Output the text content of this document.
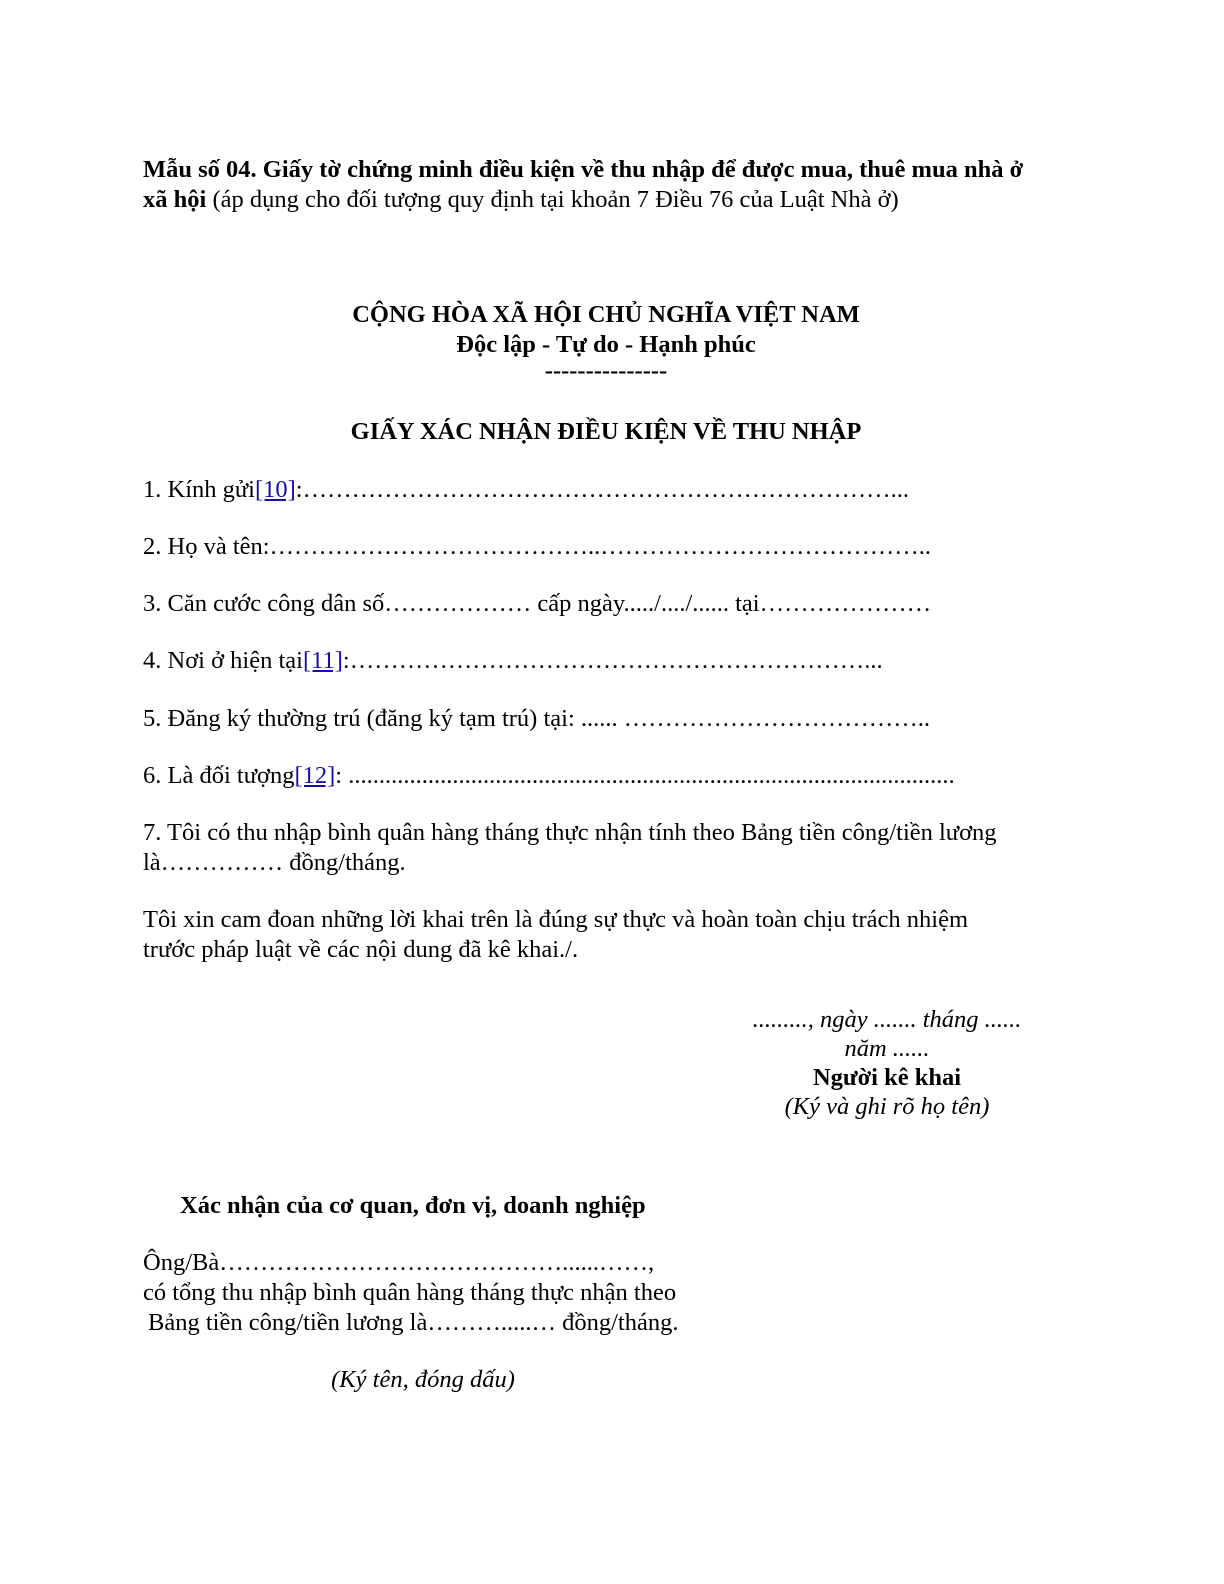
Mẫu số 04. Giấy tờ chứng minh điều kiện về thu nhập để được mua, thuê mua nhà ở
xã hội (áp dụng cho đối tượng quy định tại khoản 7 Điều 76 của Luật Nhà ở)
CỘNG HÒA XÃ HỘI CHỦ NGHĨA VIỆT NAM
Độc lập - Tự do - Hạnh phúc
---------------
GIẤY XÁC NHẬN ĐIỀU KIỆN VỀ THU NHẬP
1. Kính gửi[10]:………………………………………………………………...
2. Họ và tên:…………………………………..…………………………………..
3. Căn cước công dân số……………… cấp ngày...../..../...... tại…………………
4. Nơi ở hiện tại[11]:………………………………………………………...
5. Đăng ký thường trú (đăng ký tạm trú) tại: ...... ………………………………..
6. Là đối tượng[12]: ...................................................................................................
7. Tôi có thu nhập bình quân hàng tháng thực nhận tính theo Bảng tiền công/tiền lương
là…………… đồng/tháng.
Tôi xin cam đoan những lời khai trên là đúng sự thực và hoàn toàn chịu trách nhiệm
trước pháp luật về các nội dung đã kê khai./.
........., ngày ....... tháng ......
năm ......
Người kê khai
(Ký và ghi rõ họ tên)
Xác nhận của cơ quan, đơn vị, doanh nghiệp
Ông/Bà……………………………………......……,
có tổng thu nhập bình quân hàng tháng thực nhận theo
Bảng tiền công/tiền lương là……….....… đồng/tháng.
(Ký tên, đóng dấu)
